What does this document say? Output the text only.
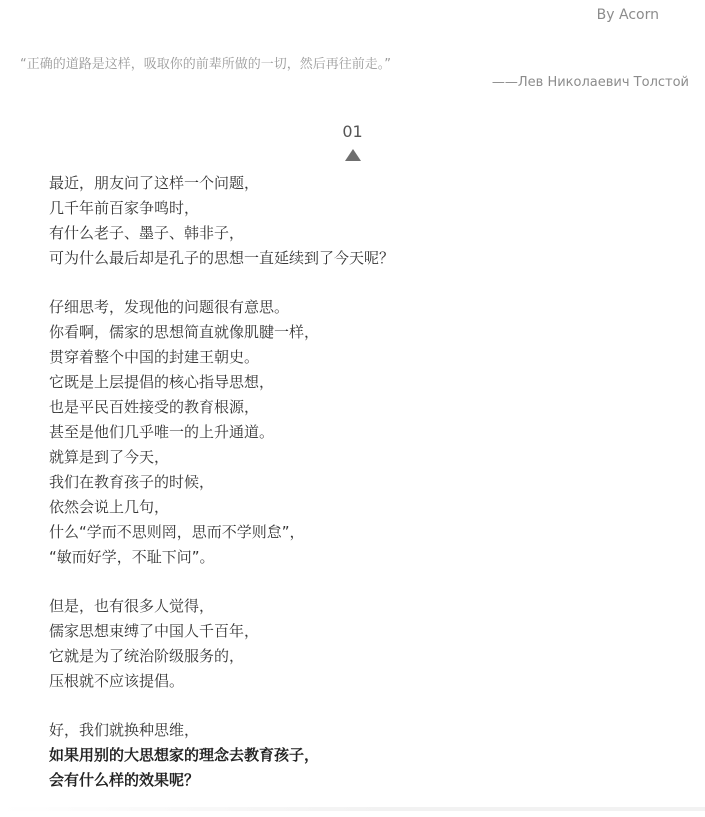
By Acorn
“正确的道路是这样，吸取你的前辈所做的一切，然后再往前走。”
——Лев Николаевич Толстой
01
最近，朋友问了这样一个问题，
几千年前百家争鸣时，
有什么老子、墨子、韩非子，
可为什么最后却是孔子的思想一直延续到了今天呢？
仔细思考，发现他的问题很有意思。
你看啊，儒家的思想简直就像肌腱一样，
贯穿着整个中国的封建王朝史。
它既是上层提倡的核心指导思想，
也是平民百姓接受的教育根源，
甚至是他们几乎唯一的上升通道。
就算是到了今天，
我们在教育孩子的时候，
依然会说上几句，
什么“学而不思则罔，思而不学则怠”，
“敏而好学，不耻下问”。
但是，也有很多人觉得，
儒家思想束缚了中国人千百年，
它就是为了统治阶级服务的，
压根就不应该提倡。
好，我们就换种思维，
如果用别的大思想家的理念去教育孩子，
会有什么样的效果呢？
